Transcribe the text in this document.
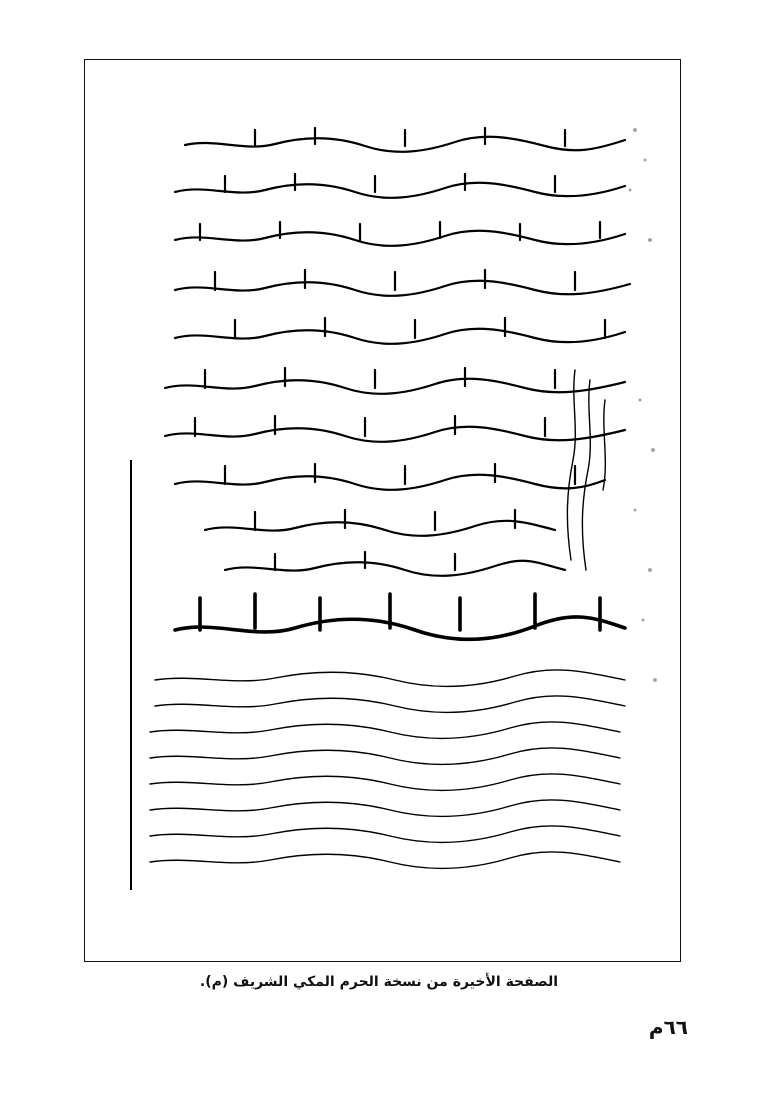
الصفحة الأخيرة من نسخة الحرم المكي الشريف (م).
٦٦م
